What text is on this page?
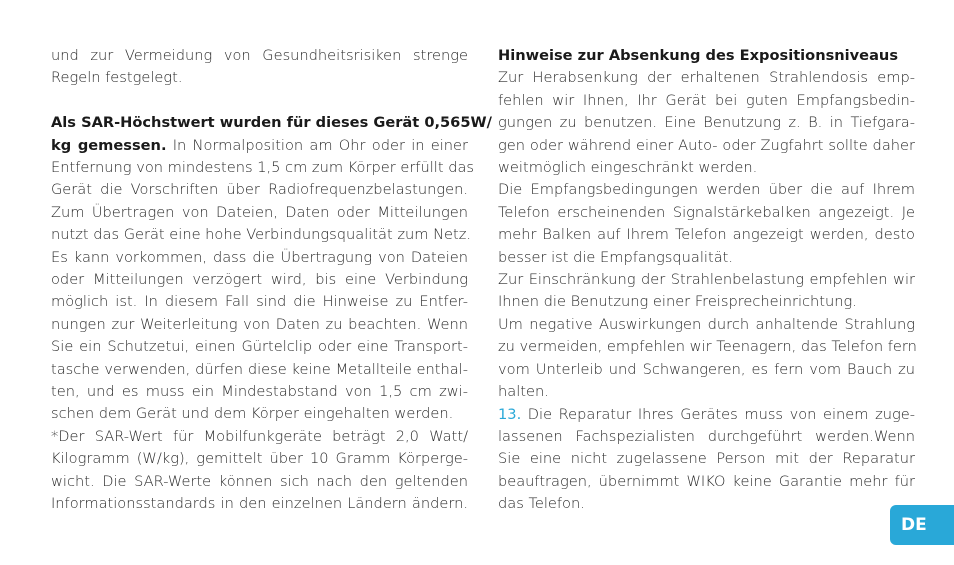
und zur Vermeidung von Gesundheitsrisiken strenge
Regeln festgelegt.
Als SAR-Höchstwert wurden für dieses Gerät 0,565W/
kg gemessen. In Normalposition am Ohr oder in einer
Entfernung von mindestens 1,5 cm zum Körper erfüllt das
Gerät die Vorschriften über Radiofrequenzbelastungen.
Zum Übertragen von Dateien, Daten oder Mitteilungen
nutzt das Gerät eine hohe Verbindungsqualität zum Netz.
Es kann vorkommen, dass die Übertragung von Dateien
oder Mitteilungen verzögert wird, bis eine Verbindung
möglich ist. In diesem Fall sind die Hinweise zu Entfer-
nungen zur Weiterleitung von Daten zu beachten. Wenn
Sie ein Schutzetui, einen Gürtelclip oder eine Transport-
tasche verwenden, dürfen diese keine Metallteile enthal-
ten, und es muss ein Mindestabstand von 1,5 cm zwi-
schen dem Gerät und dem Körper eingehalten werden.
*Der SAR-Wert für Mobilfunkgeräte beträgt 2,0 Watt/
Kilogramm (W/kg), gemittelt über 10 Gramm Körperge-
wicht. Die SAR-Werte können sich nach den geltenden
Informationsstandards in den einzelnen Ländern ändern.
Hinweise zur Absenkung des Expositionsniveaus
Zur Herabsenkung der erhaltenen Strahlendosis emp-
fehlen wir Ihnen, Ihr Gerät bei guten Empfangsbedin-
gungen zu benutzen. Eine Benutzung z. B. in Tiefgara-
gen oder während einer Auto- oder Zugfahrt sollte daher
weitmöglich eingeschränkt werden.
Die Empfangsbedingungen werden über die auf Ihrem
Telefon erscheinenden Signalstärkebalken angezeigt. Je
mehr Balken auf Ihrem Telefon angezeigt werden, desto
besser ist die Empfangsqualität.
Zur Einschränkung der Strahlenbelastung empfehlen wir
Ihnen die Benutzung einer Freisprecheinrichtung.
Um negative Auswirkungen durch anhaltende Strahlung
zu vermeiden, empfehlen wir Teenagern, das Telefon fern
vom Unterleib und Schwangeren, es fern vom Bauch zu
halten.
13. Die Reparatur Ihres Gerätes muss von einem zuge-
lassenen Fachspezialisten durchgeführt werden.Wenn
Sie eine nicht zugelassene Person mit der Reparatur
beauftragen, übernimmt WIKO keine Garantie mehr für
das Telefon.
DE
